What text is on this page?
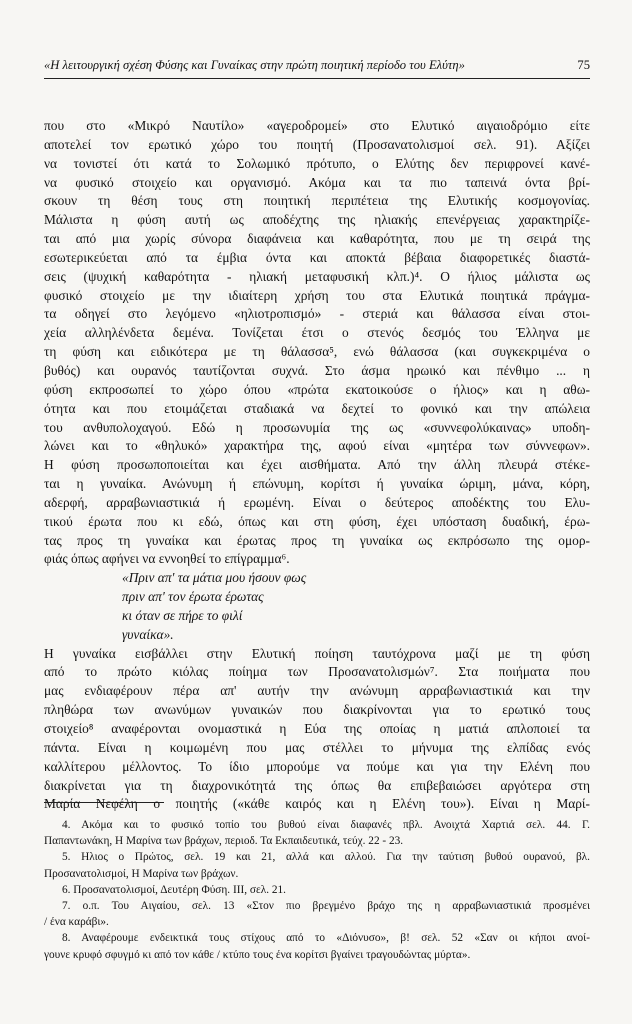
«Η λειτουργική σχέση Φύσης και Γυναίκας στην πρώτη ποιητική περίοδο του Ελύτη»	75
που στο «Μικρό Ναυτίλο» «αγεροδρομεί» στο Ελυτικό αιγαιοδρόμιο είτε
αποτελεί τον ερωτικό χώρο του ποιητή (Προσανατολισμοί σελ. 91). Αξίζει
να τονιστεί ότι κατά το Σολωμικό πρότυπο, ο Ελύτης δεν περιφρονεί κανέ-
να φυσικό στοιχείο και οργανισμό. Ακόμα και τα πιο ταπεινά όντα βρί-
σκουν τη θέση τους στη ποιητική περιπέτεια της Ελυτικής κοσμογονίας.
Μάλιστα η φύση αυτή ως αποδέχτης της ηλιακής επενέργειας χαρακτηρίζε-
ται από μια χωρίς σύνορα διαφάνεια και καθαρότητα, που με τη σειρά της
εσωτερικεύεται από τα έμβια όντα και αποκτά βέβαια διαφορετικές διαστά-
σεις (ψυχική καθαρότητα - ηλιακή μεταφυσική κλπ.)⁴. Ο ήλιος μάλιστα ως
φυσικό στοιχείο με την ιδιαίτερη χρήση του στα Ελυτικά ποιητικά πράγμα-
τα οδηγεί στο λεγόμενο «ηλιοτροπισμό» - στεριά και θάλασσα είναι στοι-
χεία αλληλένδετα δεμένα. Τονίζεται έτσι ο στενός δεσμός του Έλληνα με
τη φύση και ειδικότερα με τη θάλασσα⁵, ενώ θάλασσα (και συγκεκριμένα ο
βυθός) και ουρανός ταυτίζονται συχνά. Στο άσμα ηρωικό και πένθιμο ... η
φύση εκπροσωπεί το χώρο όπου «πρώτα εκατοικούσε ο ήλιος» και η αθω-
ότητα και που ετοιμάζεται σταδιακά να δεχτεί το φονικό και την απώλεια
του ανθυπολοχαγού. Εδώ η προσωνυμία της ως «συννεφολύκαινας» υποδη-
λώνει και το «θηλυκό» χαρακτήρα της, αφού είναι «μητέρα των σύννεφων».
Η φύση προσωποποιείται και έχει αισθήματα. Από την άλλη πλευρά στέκε-
ται η γυναίκα. Ανώνυμη ή επώνυμη, κορίτσι ή γυναίκα ώριμη, μάνα, κόρη,
αδερφή, αρραβωνιαστικιά ή ερωμένη. Είναι ο δεύτερος αποδέκτης του Ελυ-
τικού έρωτα που κι εδώ, όπως και στη φύση, έχει υπόσταση δυαδική, έρω-
τας προς τη γυναίκα και έρωτας προς τη γυναίκα ως εκπρόσωπο της ομορ-
φιάς όπως αφήνει να εννοηθεί το επίγραμμα⁶.
«Πριν απ' τα μάτια μου ήσουν φως
πριν απ' τον έρωτα έρωτας
κι όταν σε πήρε το φιλί
γυναίκα».
Η γυναίκα εισβάλλει στην Ελυτική ποίηση ταυτόχρονα μαζί με τη φύση
από το πρώτο κιόλας ποίημα των Προσανατολισμών⁷. Στα ποιήματα που
μας ενδιαφέρουν πέρα απ' αυτήν την ανώνυμη αρραβωνιαστικιά και την
πληθώρα των ανωνύμων γυναικών που διακρίνονται για το ερωτικό τους
στοιχείο⁸ αναφέρονται ονομαστικά η Εύα της οποίας η ματιά απλοποιεί τα
πάντα. Είναι η κοιμωμένη που μας στέλλει το μήνυμα της ελπίδας ενός
καλλίτερου μέλλοντος. Το ίδιο μπορούμε να πούμε και για την Ελένη που
διακρίνεται για τη διαχρονικότητά της όπως θα επιβεβαιώσει αργότερα στη
Μαρία Νεφέλη ο ποιητής («κάθε καιρός και η Ελένη του»). Είναι η Μαρί-
4. Ακόμα και το φυσικό τοπίο του βυθού είναι διαφανές πβλ. Ανοιχτά Χαρτιά σελ. 44. Γ.
Παπαντωνάκη, Η Μαρίνα των βράχων, περιοδ. Τα Εκπαιδευτικά, τεύχ. 22 - 23.
5. Ηλιος ο Πρώτος, σελ. 19 και 21, αλλά και αλλού. Για την ταύτιση βυθού ουρανού, βλ.
Προσανατολισμοί, Η Μαρίνα των βράχων.
6. Προσανατολισμοί, Δευτέρη Φύση. III, σελ. 21.
7. ο.π. Του Αιγαίου, σελ. 13 «Στον πιο βρεγμένο βράχο της η αρραβωνιαστικιά προσμένει
/ ένα καράβι».
8. Αναφέρουμε ενδεικτικά τους στίχους από το «Διόνυσο», β! σελ. 52 «Σαν οι κήποι ανοί-
γουνε κρυφό σφυγμό κι από τον κάθε / κτύπο τους ένα κορίτσι βγαίνει τραγουδώντας μύρτα».
